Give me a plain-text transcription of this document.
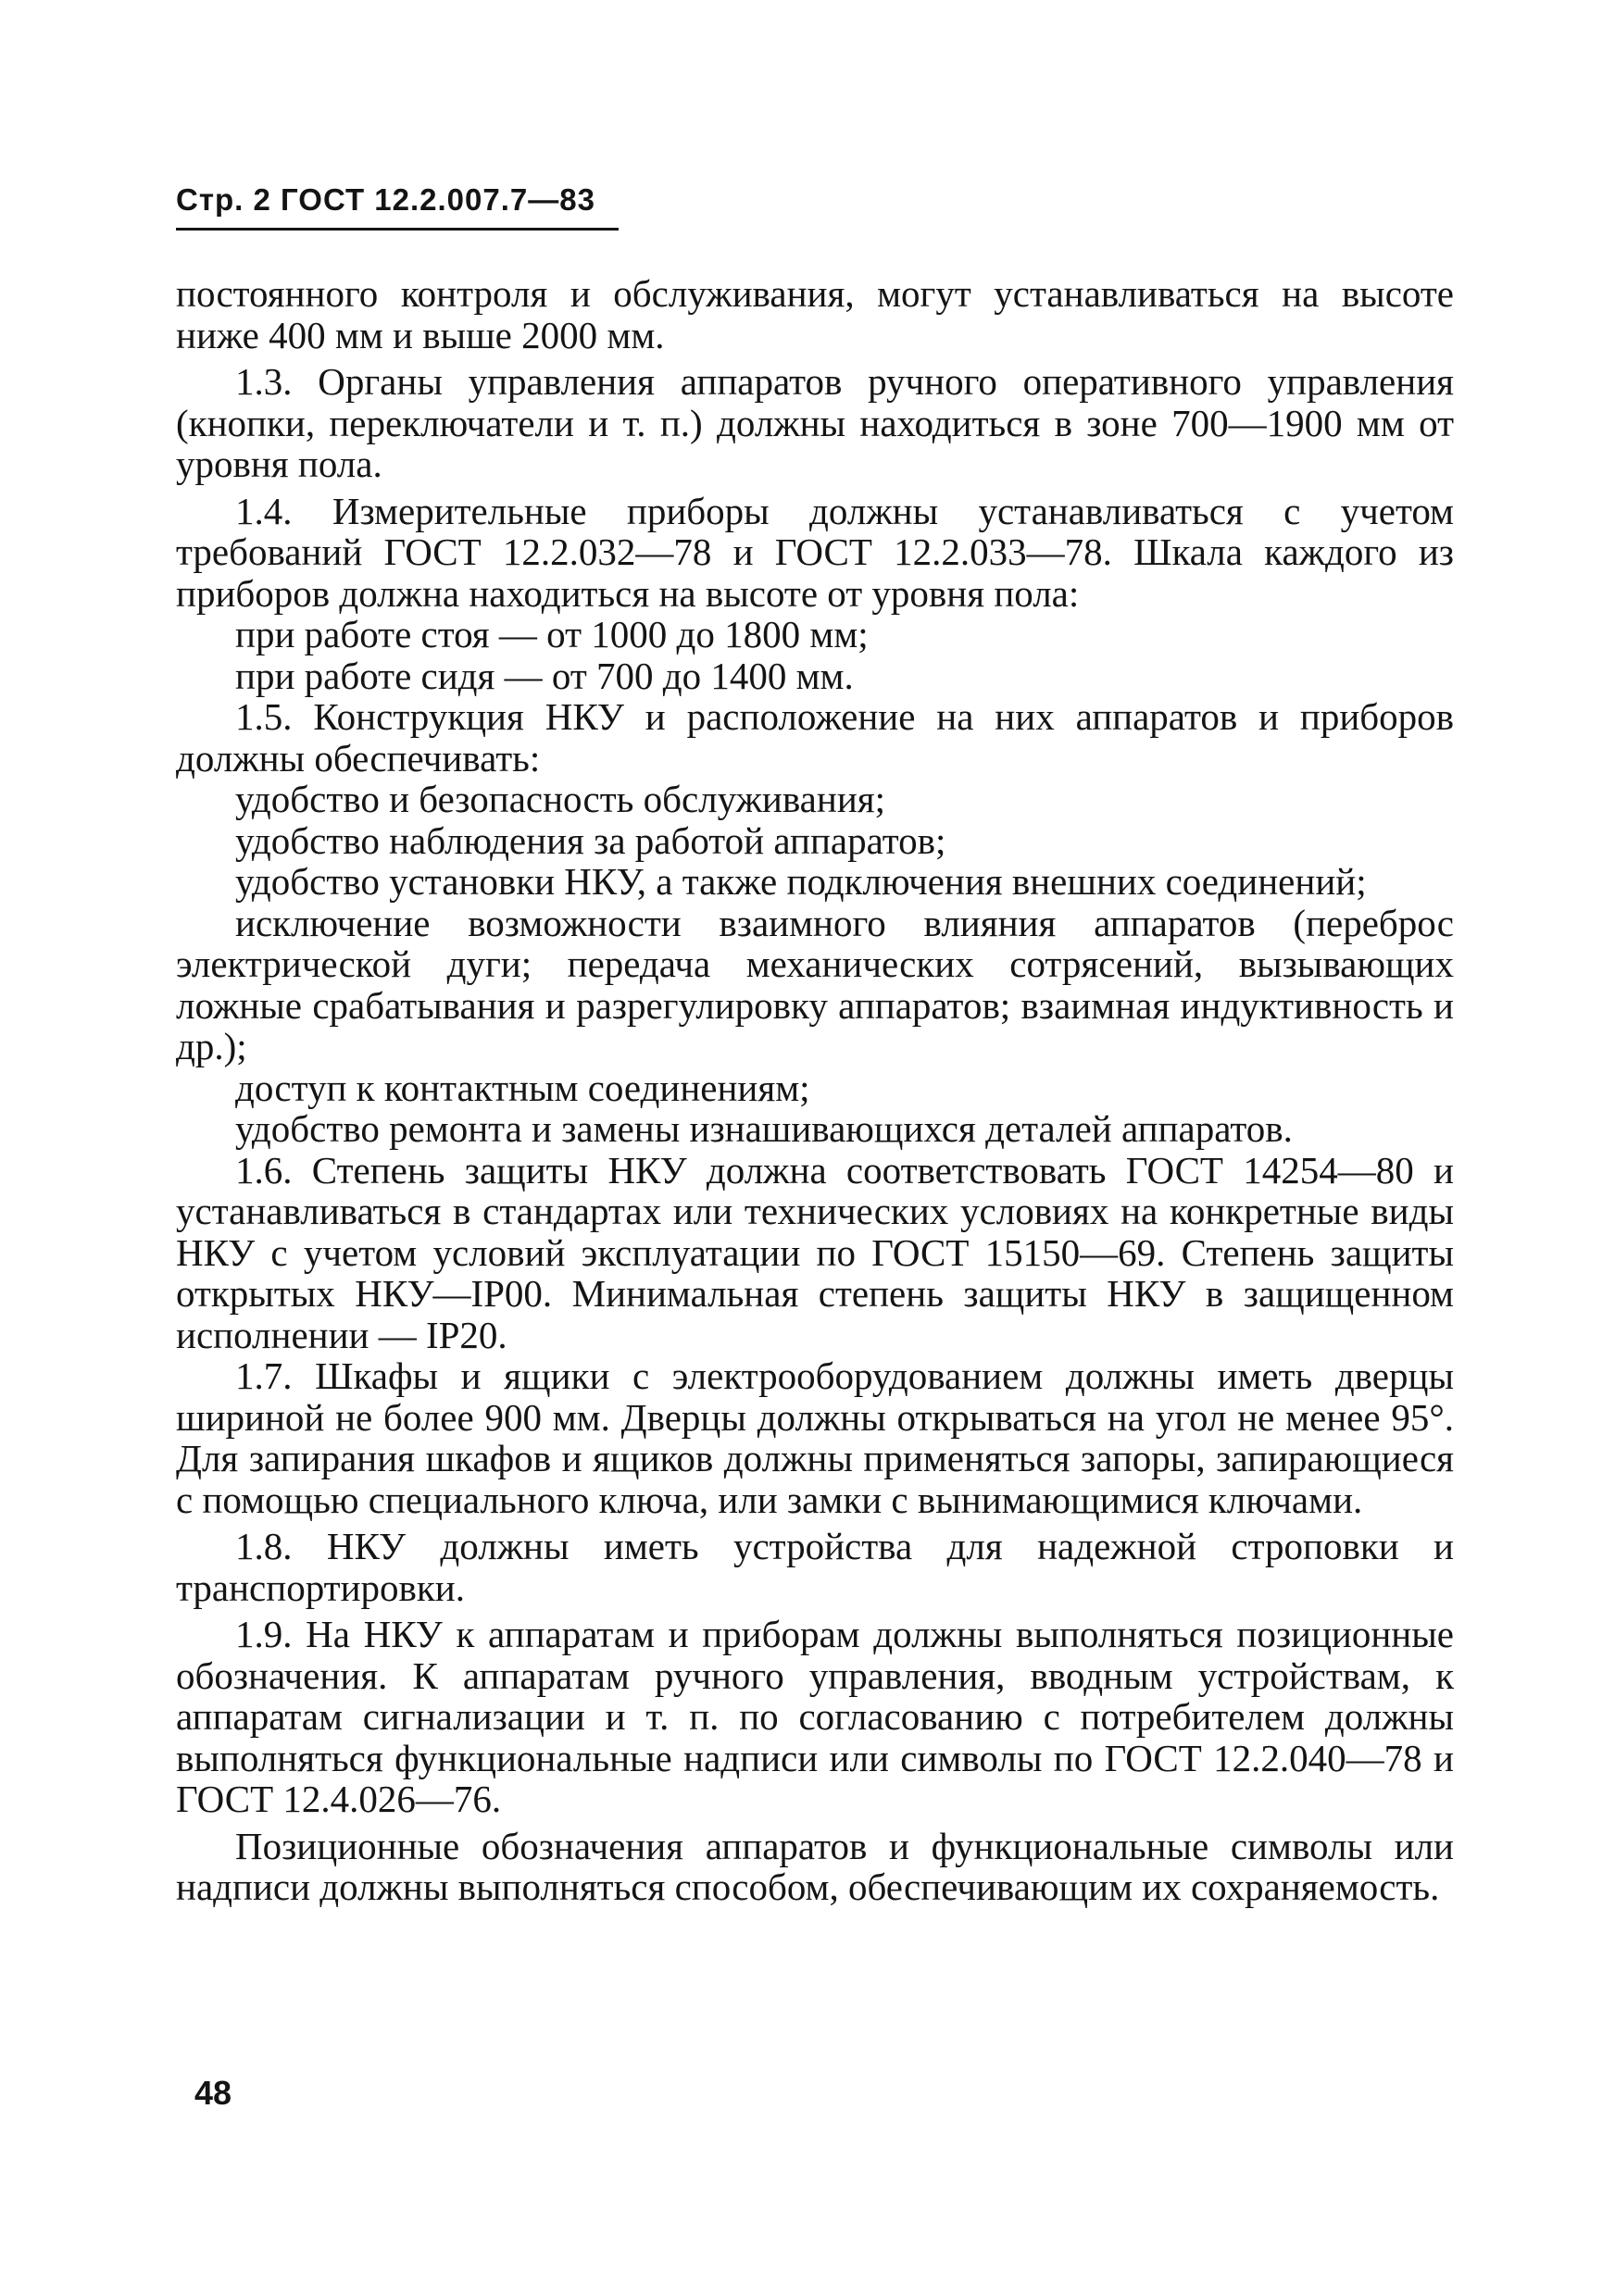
Стр. 2 ГОСТ 12.2.007.7—83

постоянного контроля и обслуживания, могут устанавливаться на высоте ниже 400 мм и выше 2000 мм.

1.3. Органы управления аппаратов ручного оперативного управления (кнопки, переключатели и т. п.) должны находиться в зоне 700—1900 мм от уровня пола.

1.4. Измерительные приборы должны устанавливаться с учетом требований ГОСТ 12.2.032—78 и ГОСТ 12.2.033—78. Шкала каждого из приборов должна находиться на высоте от уровня пола:

при работе стоя — от 1000 до 1800 мм;

при работе сидя — от 700 до 1400 мм.

1.5. Конструкция НКУ и расположение на них аппаратов и приборов должны обеспечивать:

удобство и безопасность обслуживания;

удобство наблюдения за работой аппаратов;

удобство установки НКУ, а также подключения внешних соединений;

исключение возможности взаимного влияния аппаратов (переброс электрической дуги; передача механических сотрясений, вызывающих ложные срабатывания и разрегулировку аппаратов; взаимная индуктивность и др.);

доступ к контактным соединениям;

удобство ремонта и замены изнашивающихся деталей аппаратов.

1.6. Степень защиты НКУ должна соответствовать ГОСТ 14254—80 и устанавливаться в стандартах или технических условиях на конкретные виды НКУ с учетом условий эксплуатации по ГОСТ 15150—69. Степень защиты открытых НКУ—IP00. Минимальная степень защиты НКУ в защищенном исполнении — IP20.

1.7. Шкафы и ящики с электрооборудованием должны иметь дверцы шириной не более 900 мм. Дверцы должны открываться на угол не менее 95°. Для запирания шкафов и ящиков должны применяться запоры, запирающиеся с помощью специального ключа, или замки с вынимающимися ключами.

1.8. НКУ должны иметь устройства для надежной строповки и транспортировки.

1.9. На НКУ к аппаратам и приборам должны выполняться позиционные обозначения. К аппаратам ручного управления, вводным устройствам, к аппаратам сигнализации и т. п. по согласованию с потребителем должны выполняться функциональные надписи или символы по ГОСТ 12.2.040—78 и ГОСТ 12.4.026—76.

Позиционные обозначения аппаратов и функциональные символы или надписи должны выполняться способом, обеспечивающим их сохраняемость.

48
